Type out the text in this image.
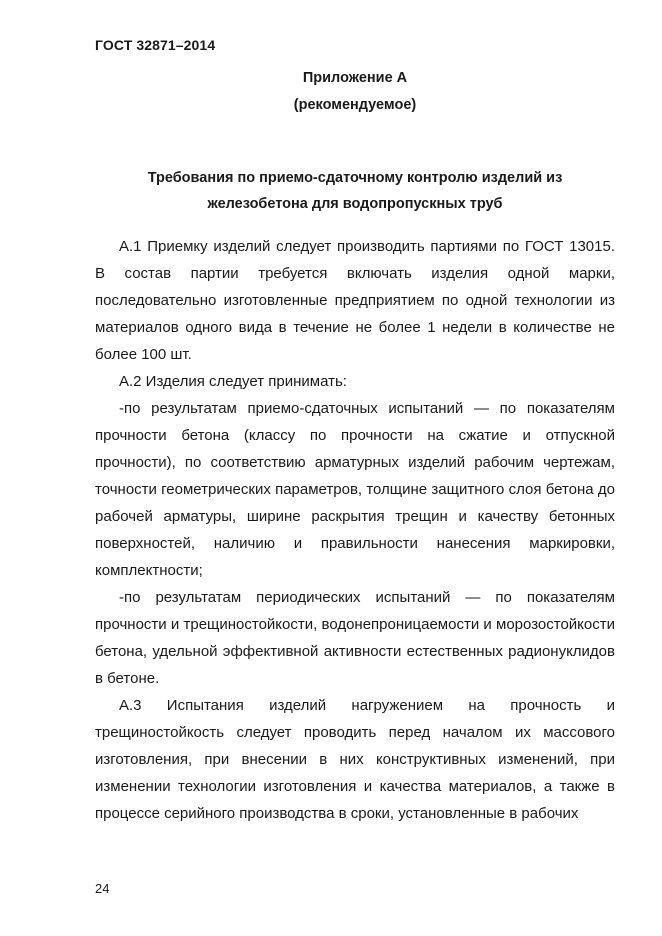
ГОСТ 32871–2014
Приложение А
(рекомендуемое)
Требования по приемо-сдаточному контролю изделий из
железобетона для водопропускных труб

А.1 Приемку изделий следует производить партиями по ГОСТ 13015. В состав партии требуется включать изделия одной марки, последовательно изготовленные предприятием по одной технологии из материалов одного вида в течение не более 1 недели в количестве не более 100 шт.

А.2 Изделия следует принимать:

-по результатам приемо-сдаточных испытаний — по показателям прочности бетона (классу по прочности на сжатие и отпускной прочности), по соответствию арматурных изделий рабочим чертежам, точности геометрических параметров, толщине защитного слоя бетона до рабочей арматуры, ширине раскрытия трещин и качеству бетонных поверхностей, наличию и правильности нанесения маркировки, комплектности;

-по результатам периодических испытаний — по показателям прочности и трещиностойкости, водонепроницаемости и морозостойкости бетона, удельной эффективной активности естественных радионуклидов в бетоне.

А.3 Испытания изделий нагружением на прочность и трещиностойкость следует проводить перед началом их массового изготовления, при внесении в них конструктивных изменений, при изменении технологии изготовления и качества материалов, а также в процессе серийного производства в сроки, установленные в рабочих

24
